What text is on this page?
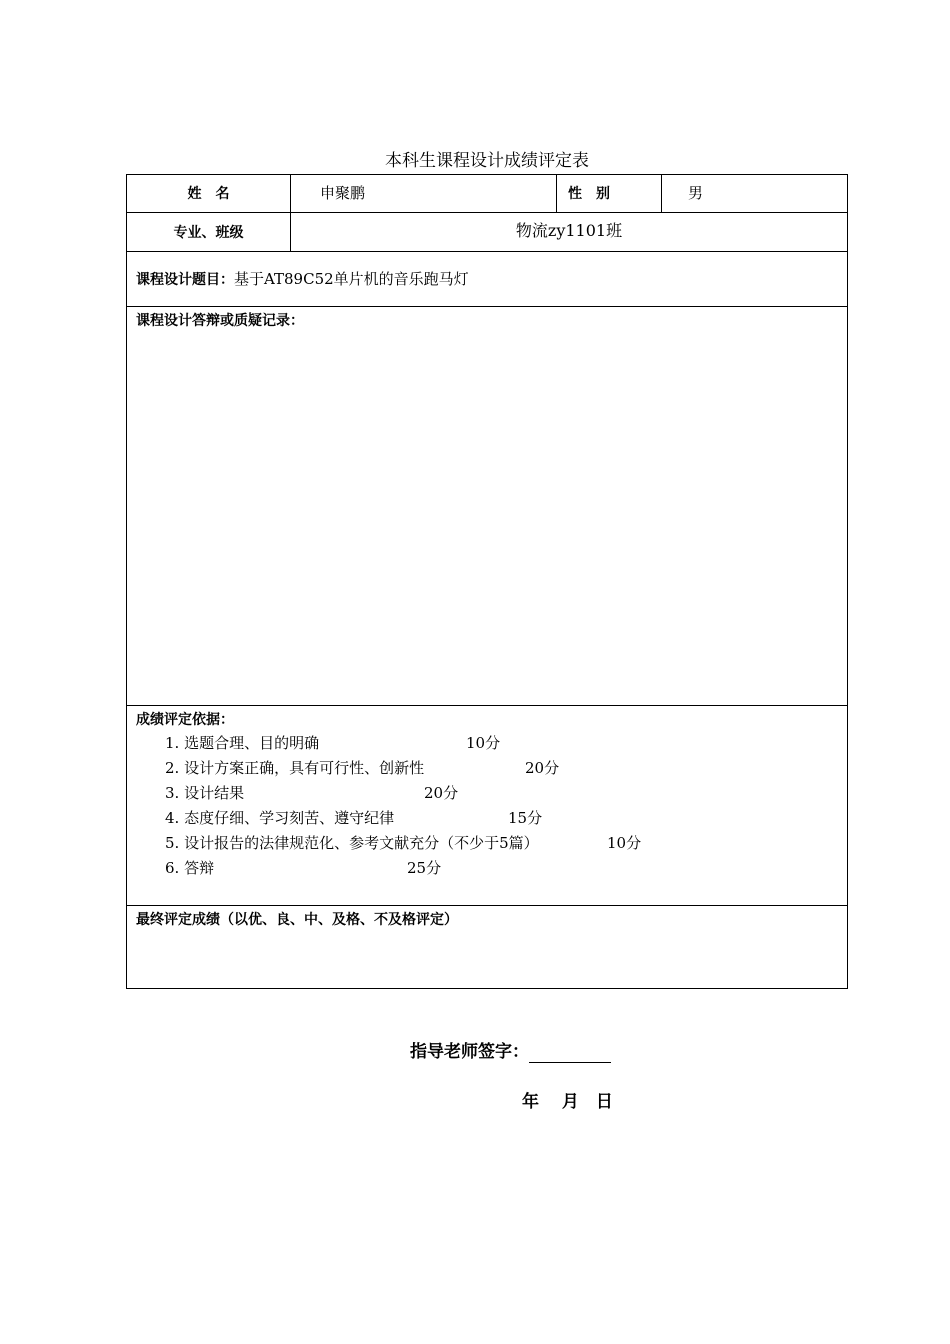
本科生课程设计成绩评定表
姓　名	申聚鹏	性　别	男
专业、班级	物流zy1101班
课程设计题目：基于AT89C52单片机的音乐跑马灯
课程设计答辩或质疑记录：
成绩评定依据：
1. 选题合理、目的明确	10分
2. 设计方案正确，具有可行性、创新性	20分
3. 设计结果	20分
4. 态度仔细、学习刻苦、遵守纪律	15分
5. 设计报告的法律规范化、参考文献充分（不少于5篇）	10分
6. 答辩	25分
最终评定成绩（以优、良、中、及格、不及格评定）
指导老师签字：
年　 月　日
